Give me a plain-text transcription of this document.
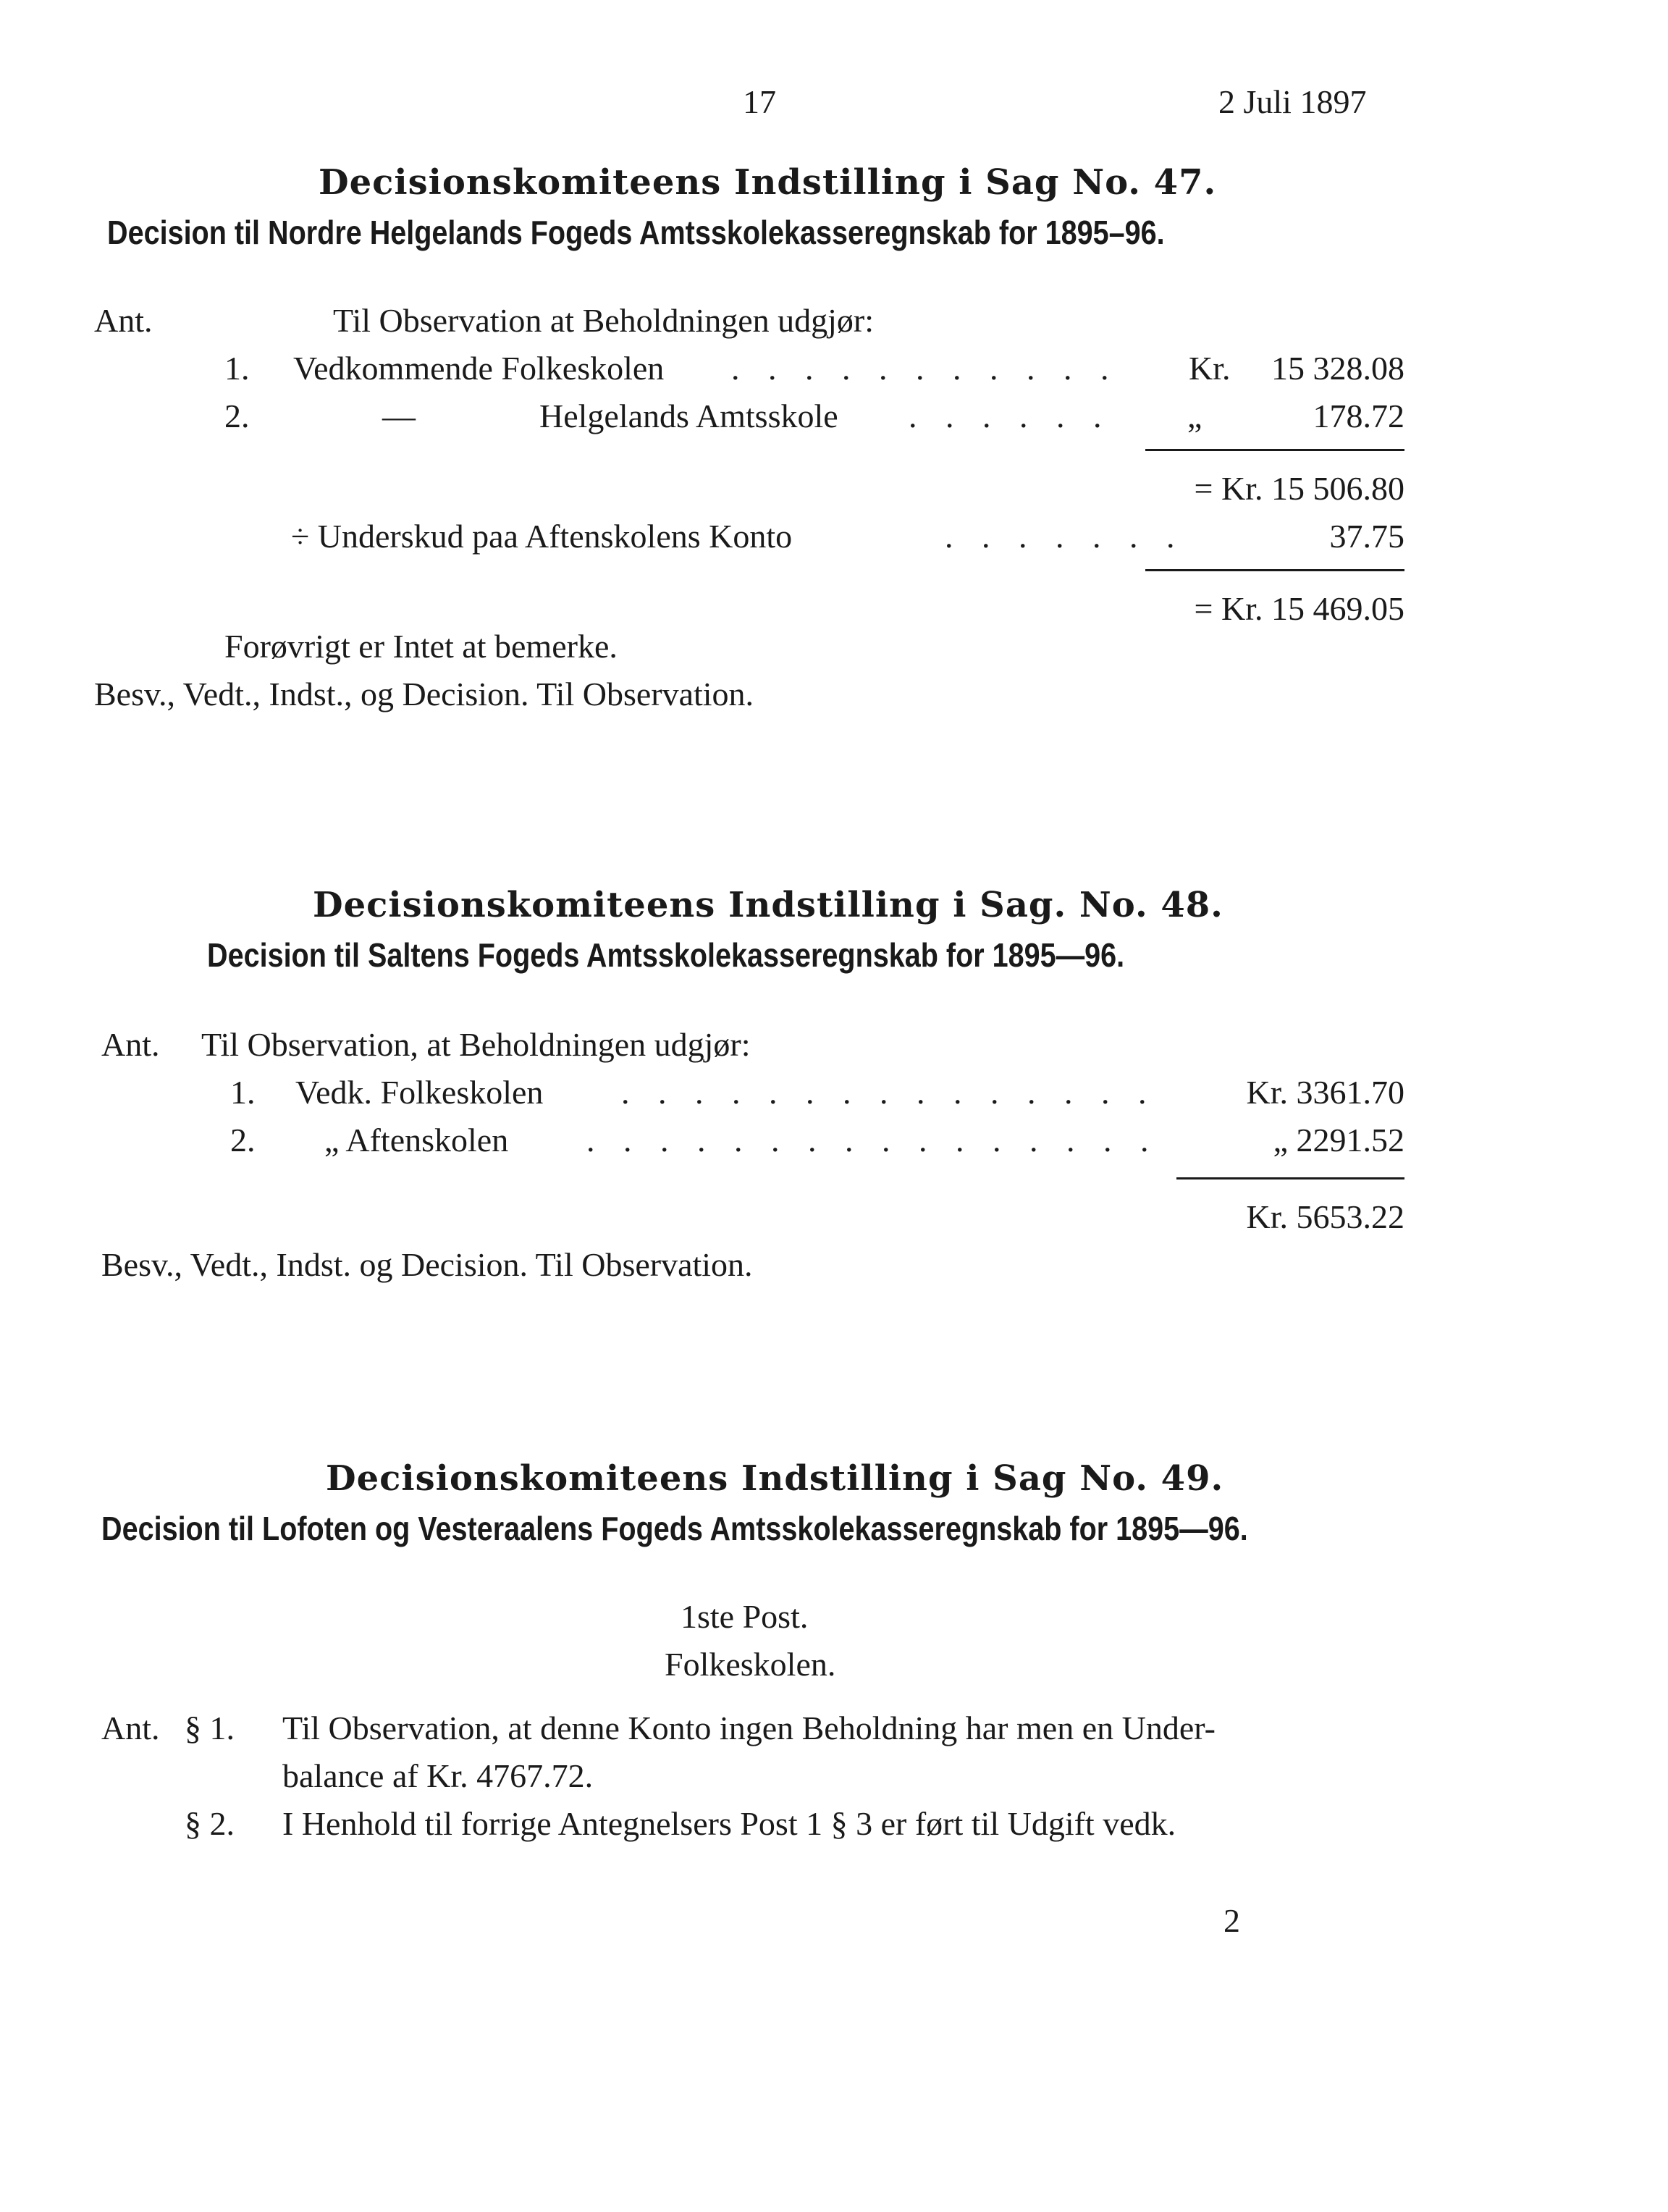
17	2 Juli 1897
Decisionskomiteens Indstilling i Sag No. 47.
Decision til Nordre Helgelands Fogeds Amtsskolekasseregnskab for 1895–96.
Ant.	Til Observation at Beholdningen udgjør:
1. Vedkommende Folkeskolen . . . . . . . . . . . Kr.	15 328.08
2.	—	Helgelands Amtsskole . . . . . . „	178.72
= Kr. 15 506.80
÷ Underskud paa Aftenskolens Konto	. . . . . . .	37.75
= Kr. 15 469.05
Forøvrigt er Intet at bemerke.
Besv., Vedt., Indst., og Decision. Til Observation.
Decisionskomiteens Indstilling i Sag. No. 48.
Decision til Saltens Fogeds Amtsskolekasseregnskab for 1895—96.
Ant. Til Observation, at Beholdningen udgjør:
1. Vedk. Folkeskolen . . . . . . . . . . . . . . .	Kr. 3361.70
2. „ Aftenskolen . . . . . . . . . . . . . . . .	„ 2291.52
Kr. 5653.22
Besv., Vedt., Indst. og Decision. Til Observation.
Decisionskomiteens Indstilling i Sag No. 49.
Decision til Lofoten og Vesteraalens Fogeds Amtsskolekasseregnskab for 1895—96.
1ste Post.
Folkeskolen.
Ant. § 1. Til Observation, at denne Konto ingen Beholdning har men en Under-
balance af Kr. 4767.72.
§ 2. I Henhold til forrige Antegnelsers Post 1 § 3 er ført til Udgift vedk.
2
